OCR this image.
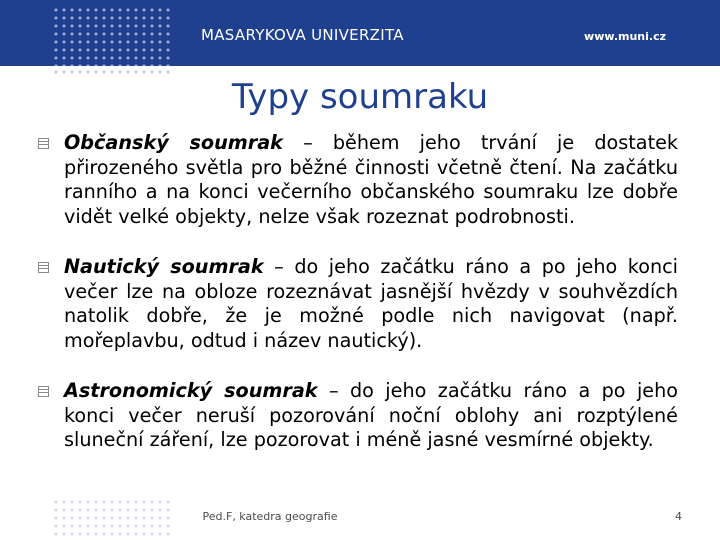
MASARYKOVA UNIVERZITA	www.muni.cz
Typy soumraku

Občanský soumrak – během jeho trvání je dostatek přirozeného světla pro běžné činnosti včetně čtení. Na začátku ranního a na konci večerního občanského soumraku lze dobře vidět velké objekty, nelze však rozeznat podrobnosti.

Nautický soumrak – do jeho začátku ráno a po jeho konci večer lze na obloze rozeznávat jasnější hvězdy v souhvězdích natolik dobře, že je možné podle nich navigovat (např. mořeplavbu, odtud i název nautický).

Astronomický soumrak – do jeho začátku ráno a po jeho konci večer neruší pozorování noční oblohy ani rozptýlené sluneční záření, lze pozorovat i méně jasné vesmírné objekty.

Ped.F, katedra geografie	4
